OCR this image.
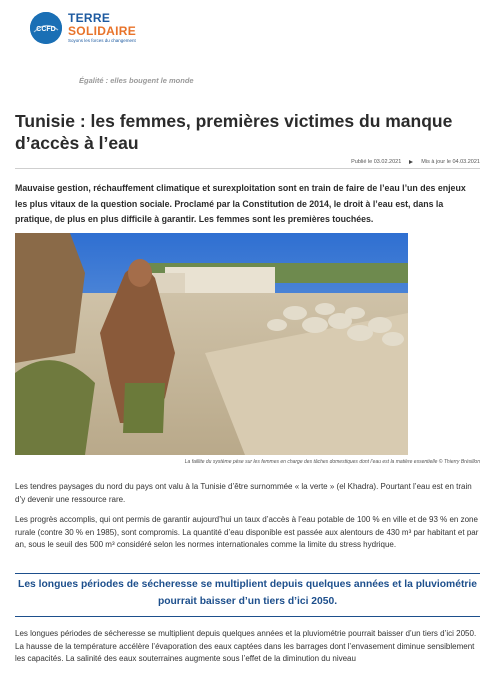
CCFD
TERRE
SOLIDAIRE
Soyons les forces du changement
Égalité : elles bougent le monde
Tunisie : les femmes, premières victimes du manque d’accès à l’eau
Publié le 03.02.2021	Mis à jour le 04.03.2021

Mauvaise gestion, réchauffement climatique et surexploitation sont en train de faire de l’eau l’un des enjeux les plus vitaux de la question sociale. Proclamé par la Constitution de 2014, le droit à l’eau est, dans la pratique, de plus en plus difficile à garantir. Les femmes sont les premières touchées.

La faillite du système pèse sur les femmes en charge des tâches domestiques dont l’eau est la matière essentielle © Thierry Brésillon

Les tendres paysages du nord du pays ont valu à la Tunisie d’être surnommée « la verte » (el Khadra). Pourtant l’eau est en train d’y devenir une ressource rare.

Les progrès accomplis, qui ont permis de garantir aujourd’hui un taux d’accès à l’eau potable de 100 % en ville et de 93 % en zone rurale (contre 30 % en 1985), sont compromis. La quantité d’eau disponible est passée aux alentours de 430 m³ par habitant et par an, sous le seuil des 500 m³ considéré selon les normes internationales comme la limite du stress hydrique.

Les longues périodes de sécheresse se multiplient depuis quelques années et la pluviométrie pourrait baisser d’un tiers d’ici 2050.

Les longues périodes de sécheresse se multiplient depuis quelques années et la pluviométrie pourrait baisser d’un tiers d’ici 2050. La hausse de la température accélère l’évaporation des eaux captées dans les barrages dont l’envasement diminue sensiblement les capacités. La salinité des eaux souterraines augmente sous l’effet de la diminution du niveau
